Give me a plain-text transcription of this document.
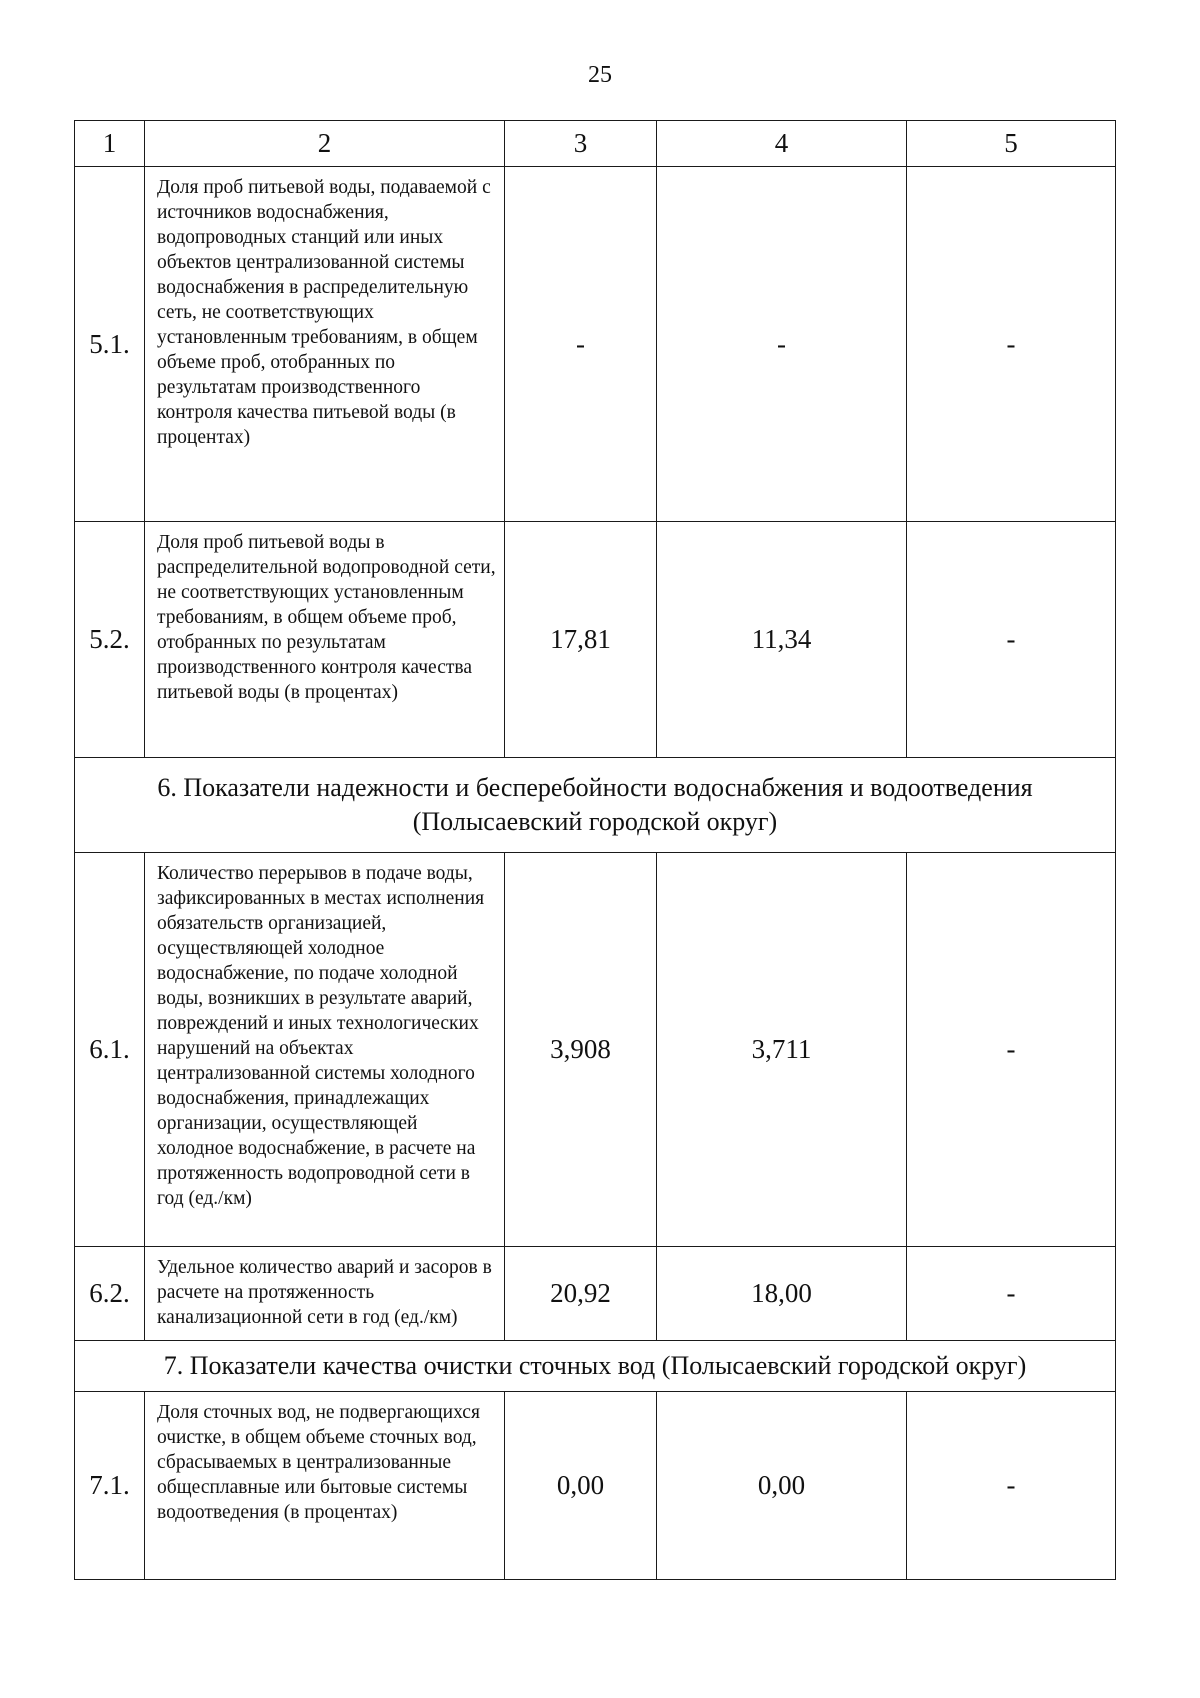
25
1	2	3	4	5
5.1.	Доля проб питьевой воды, подаваемой с источников водоснабжения, водопроводных станций или иных объектов централизованной системы водоснабжения в распределительную сеть, не соответствующих установленным требованиям, в общем объеме проб, отобранных по результатам производственного контроля качества питьевой воды (в процентах)	-	-	-
5.2.	Доля проб питьевой воды в распределительной водопроводной сети, не соответствующих установленным требованиям, в общем объеме проб, отобранных по результатам производственного контроля качества питьевой воды (в процентах)	17,81	11,34	-

6. Показатели надежности и бесперебойности водоснабжения и водоотведения
(Полысаевский городской округ)				

6.1.	Количество перерывов в подаче воды, зафиксированных в местах исполнения обязательств организацией, осуществляющей холодное водоснабжение, по подаче холодной воды, возникших в результате аварий, повреждений и иных технологических нарушений на объектах централизованной системы холодного водоснабжения, принадлежащих организации, осуществляющей холодное водоснабжение, в расчете на протяженность водопроводной сети в год (ед./км)	3,908	3,711	-
6.2.	Удельное количество аварий и засоров в расчете на протяженность канализационной сети в год (ед./км)	20,92	18,00	-

7. Показатели качества очистки сточных вод (Полысаевский городской округ)				

7.1.	Доля сточных вод, не подвергающихся очистке, в общем объеме сточных вод, сбрасываемых в централизованные общесплавные или бытовые системы водоотведения (в процентах)	0,00	0,00	-
